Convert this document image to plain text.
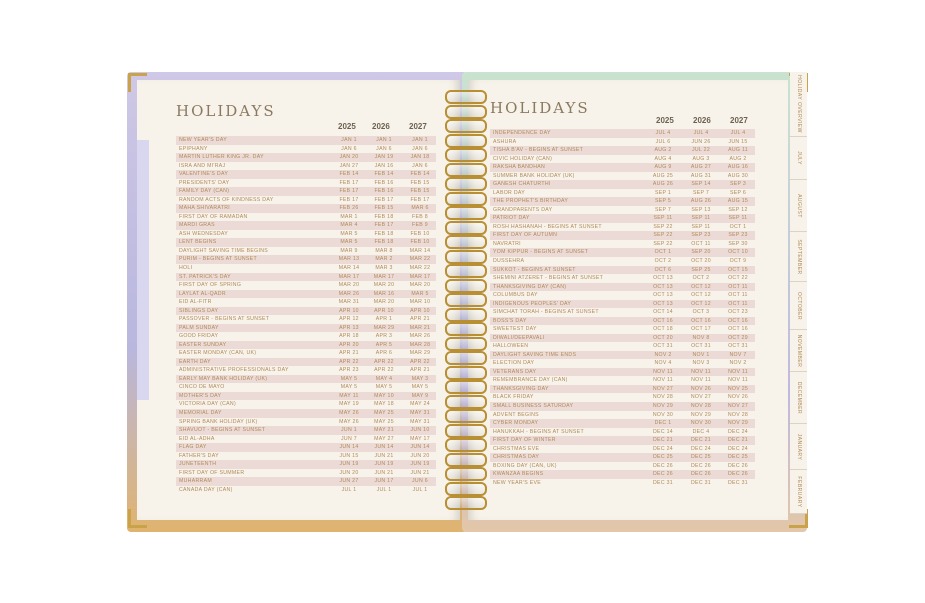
HOLIDAYS
2025 2026 2027
NEW YEAR'S DAY	JAN 1	JAN 1	JAN 1
EPIPHANY	JAN 6	JAN 6	JAN 6
MARTIN LUTHER KING JR. DAY	JAN 20	JAN 19	JAN 18
ISRA AND MI'RAJ	JAN 27	JAN 16	JAN 6
VALENTINE'S DAY	FEB 14	FEB 14	FEB 14
PRESIDENTS' DAY	FEB 17	FEB 16	FEB 15
FAMILY DAY (CAN)	FEB 17	FEB 16	FEB 15
RANDOM ACTS OF KINDNESS DAY	FEB 17	FEB 17	FEB 17
MAHA SHIVARATRI	FEB 26	FEB 15	MAR 6
FIRST DAY OF RAMADAN	MAR 1	FEB 18	FEB 8
MARDI GRAS	MAR 4	FEB 17	FEB 9
ASH WEDNESDAY	MAR 5	FEB 18	FEB 10
LENT BEGINS	MAR 5	FEB 18	FEB 10
DAYLIGHT SAVING TIME BEGINS	MAR 9	MAR 8	MAR 14
PURIM - BEGINS AT SUNSET	MAR 13	MAR 2	MAR 22
HOLI	MAR 14	MAR 3	MAR 22
ST. PATRICK'S DAY	MAR 17	MAR 17	MAR 17
FIRST DAY OF SPRING	MAR 20	MAR 20	MAR 20
LAYLAT AL-QADR	MAR 26	MAR 16	MAR 5
EID AL-FITR	MAR 31	MAR 20	MAR 10
SIBLINGS DAY	APR 10	APR 10	APR 10
PASSOVER - BEGINS AT SUNSET	APR 12	APR 1	APR 21
PALM SUNDAY	APR 13	MAR 29	MAR 21
GOOD FRIDAY	APR 18	APR 3	MAR 26
EASTER SUNDAY	APR 20	APR 5	MAR 28
EASTER MONDAY (CAN, UK)	APR 21	APR 6	MAR 29
EARTH DAY	APR 22	APR 22	APR 22
ADMINISTRATIVE PROFESSIONALS DAY	APR 23	APR 22	APR 21
EARLY MAY BANK HOLIDAY (UK)	MAY 5	MAY 4	MAY 3
CINCO DE MAYO	MAY 5	MAY 5	MAY 5
MOTHER'S DAY	MAY 11	MAY 10	MAY 9
VICTORIA DAY (CAN)	MAY 19	MAY 18	MAY 24
MEMORIAL DAY	MAY 26	MAY 25	MAY 31
SPRING BANK HOLIDAY (UK)	MAY 26	MAY 25	MAY 31
SHAVUOT - BEGINS AT SUNSET	JUN 1	MAY 21	JUN 10
EID AL-ADHA	JUN 7	MAY 27	MAY 17
FLAG DAY	JUN 14	JUN 14	JUN 14
FATHER'S DAY	JUN 15	JUN 21	JUN 20
JUNETEENTH	JUN 19	JUN 19	JUN 19
FIRST DAY OF SUMMER	JUN 20	JUN 21	JUN 21
MUHARRAM	JUN 27	JUN 17	JUN 6
CANADA DAY (CAN)	JUL 1	JUL 1	JUL 1
HOLIDAYS
2025 2026 2027
INDEPENDENCE DAY	JUL 4	JUL 4	JUL 4
ASHURA	JUL 6	JUN 26	JUN 15
TISHA B'AV - BEGINS AT SUNSET	AUG 2	JUL 22	AUG 11
CIVIC HOLIDAY (CAN)	AUG 4	AUG 3	AUG 2
RAKSHA BANDHAN	AUG 9	AUG 27	AUG 16
SUMMER BANK HOLIDAY (UK)	AUG 25	AUG 31	AUG 30
GANESH CHATURTHI	AUG 26	SEP 14	SEP 3
LABOR DAY	SEP 1	SEP 7	SEP 6
THE PROPHET'S BIRTHDAY	SEP 5	AUG 26	AUG 15
GRANDPARENTS DAY	SEP 7	SEP 13	SEP 12
PATRIOT DAY	SEP 11	SEP 11	SEP 11
ROSH HASHANAH - BEGINS AT SUNSET	SEP 22	SEP 11	OCT 1
FIRST DAY OF AUTUMN	SEP 22	SEP 23	SEP 23
NAVRATRI	SEP 22	OCT 11	SEP 30
YOM KIPPUR - BEGINS AT SUNSET	OCT 1	SEP 20	OCT 10
DUSSEHRA	OCT 2	OCT 20	OCT 9
SUKKOT - BEGINS AT SUNSET	OCT 6	SEP 25	OCT 15
SHEMINI ATZERET - BEGINS AT SUNSET	OCT 13	OCT 2	OCT 22
THANKSGIVING DAY (CAN)	OCT 13	OCT 12	OCT 11
COLUMBUS DAY	OCT 13	OCT 12	OCT 11
INDIGENOUS PEOPLES' DAY	OCT 13	OCT 12	OCT 11
SIMCHAT TORAH - BEGINS AT SUNSET	OCT 14	OCT 3	OCT 23
BOSS'S DAY	OCT 16	OCT 16	OCT 16
SWEETEST DAY	OCT 18	OCT 17	OCT 16
DIWALI/DEEPAVALI	OCT 20	NOV 8	OCT 29
HALLOWEEN	OCT 31	OCT 31	OCT 31
DAYLIGHT SAVING TIME ENDS	NOV 2	NOV 1	NOV 7
ELECTION DAY	NOV 4	NOV 3	NOV 2
VETERANS DAY	NOV 11	NOV 11	NOV 11
REMEMBRANCE DAY (CAN)	NOV 11	NOV 11	NOV 11
THANKSGIVING DAY	NOV 27	NOV 26	NOV 25
BLACK FRIDAY	NOV 28	NOV 27	NOV 26
SMALL BUSINESS SATURDAY	NOV 29	NOV 28	NOV 27
ADVENT BEGINS	NOV 30	NOV 29	NOV 28
CYBER MONDAY	DEC 1	NOV 30	NOV 29
HANUKKAH - BEGINS AT SUNSET	DEC 14	DEC 4	DEC 24
FIRST DAY OF WINTER	DEC 21	DEC 21	DEC 21
CHRISTMAS EVE	DEC 24	DEC 24	DEC 24
CHRISTMAS DAY	DEC 25	DEC 25	DEC 25
BOXING DAY (CAN, UK)	DEC 26	DEC 26	DEC 26
KWANZAA BEGINS	DEC 26	DEC 26	DEC 26
NEW YEAR'S EVE	DEC 31	DEC 31	DEC 31
HOLIDAY OVERVIEW
JULY
AUGUST
SEPTEMBER
OCTOBER
NOVEMBER
DECEMBER
JANUARY
FEBRUARY
